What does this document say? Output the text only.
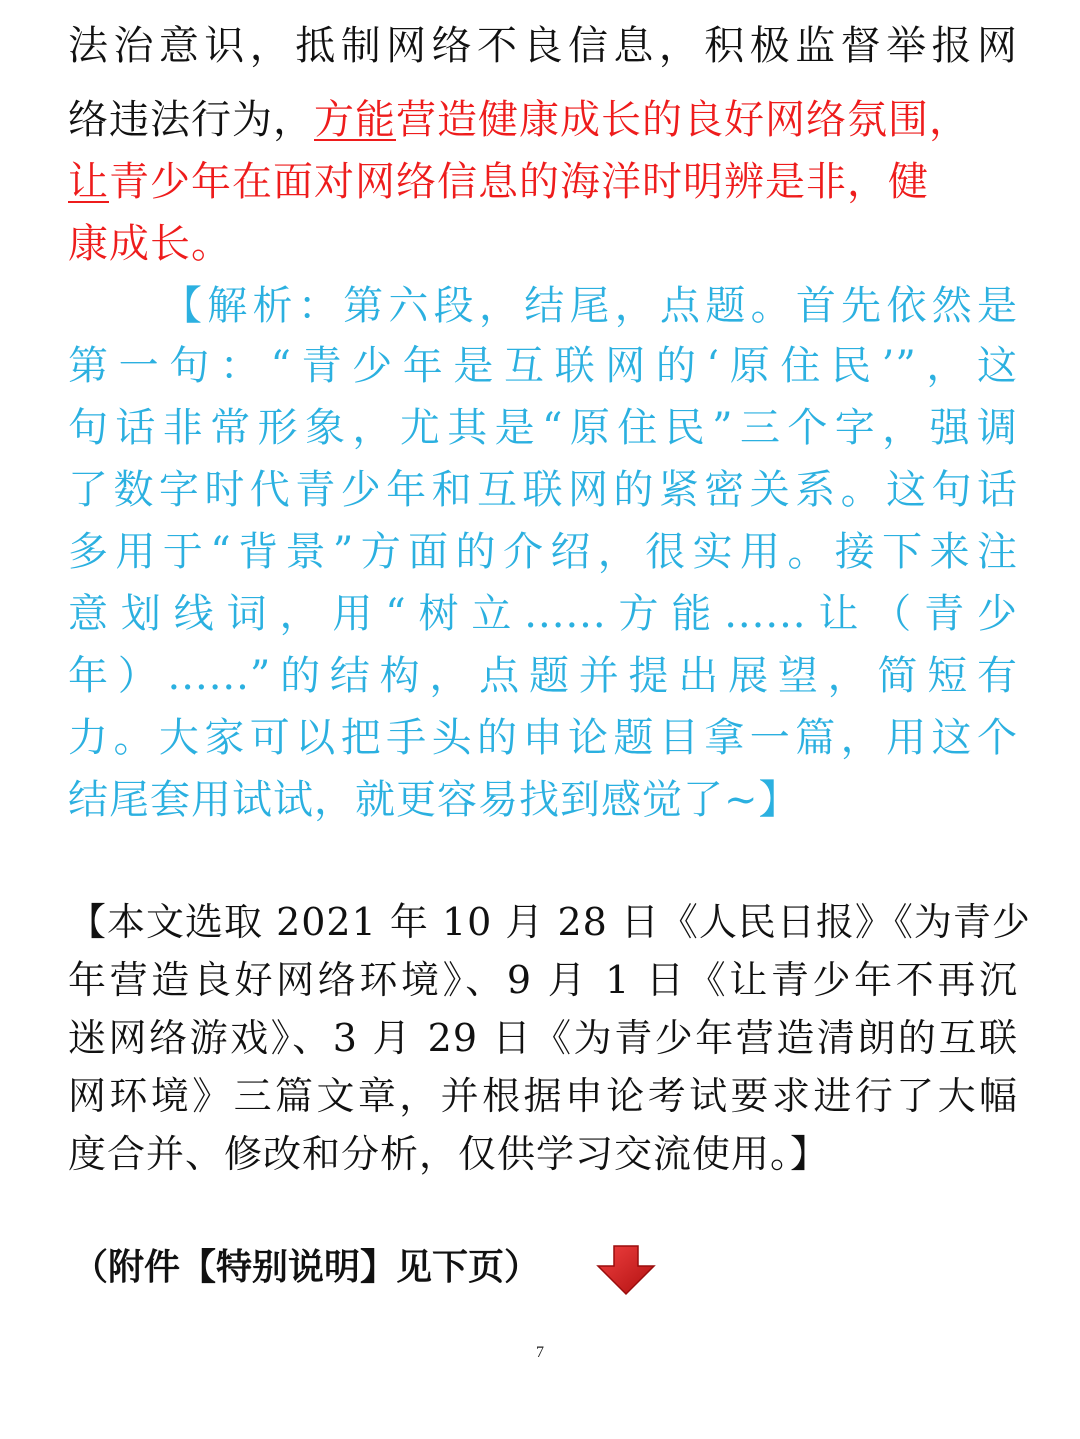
法治意识，抵制网络不良信息，积极监督举报网
络违法行为，方能营造健康成长的良好网络氛围，
让青少年在面对网络信息的海洋时明辨是非，健
康成长。
【解析：第六段，结尾，点题。首先依然是
第一句：“青少年是互联网的‘原住民’”，这
句话非常形象，尤其是“原住民”三个字，强调
了数字时代青少年和互联网的紧密关系。这句话
多用于“背景”方面的介绍，很实用。接下来注
意划线词，用“树立......方能......让（青少
年）......”的结构，点题并提出展望，简短有
力。大家可以把手头的申论题目拿一篇，用这个
结尾套用试试，就更容易找到感觉了~】
【本文选取 2021 年 10 月 28 日《人民日报》《为青少
年营造良好网络环境》、9 月 1 日《让青少年不再沉
迷网络游戏》、3 月 29 日《为青少年营造清朗的互联
网环境》三篇文章，并根据申论考试要求进行了大幅
度合并、修改和分析，仅供学习交流使用。】
（附件【特别说明】见下页）
7
